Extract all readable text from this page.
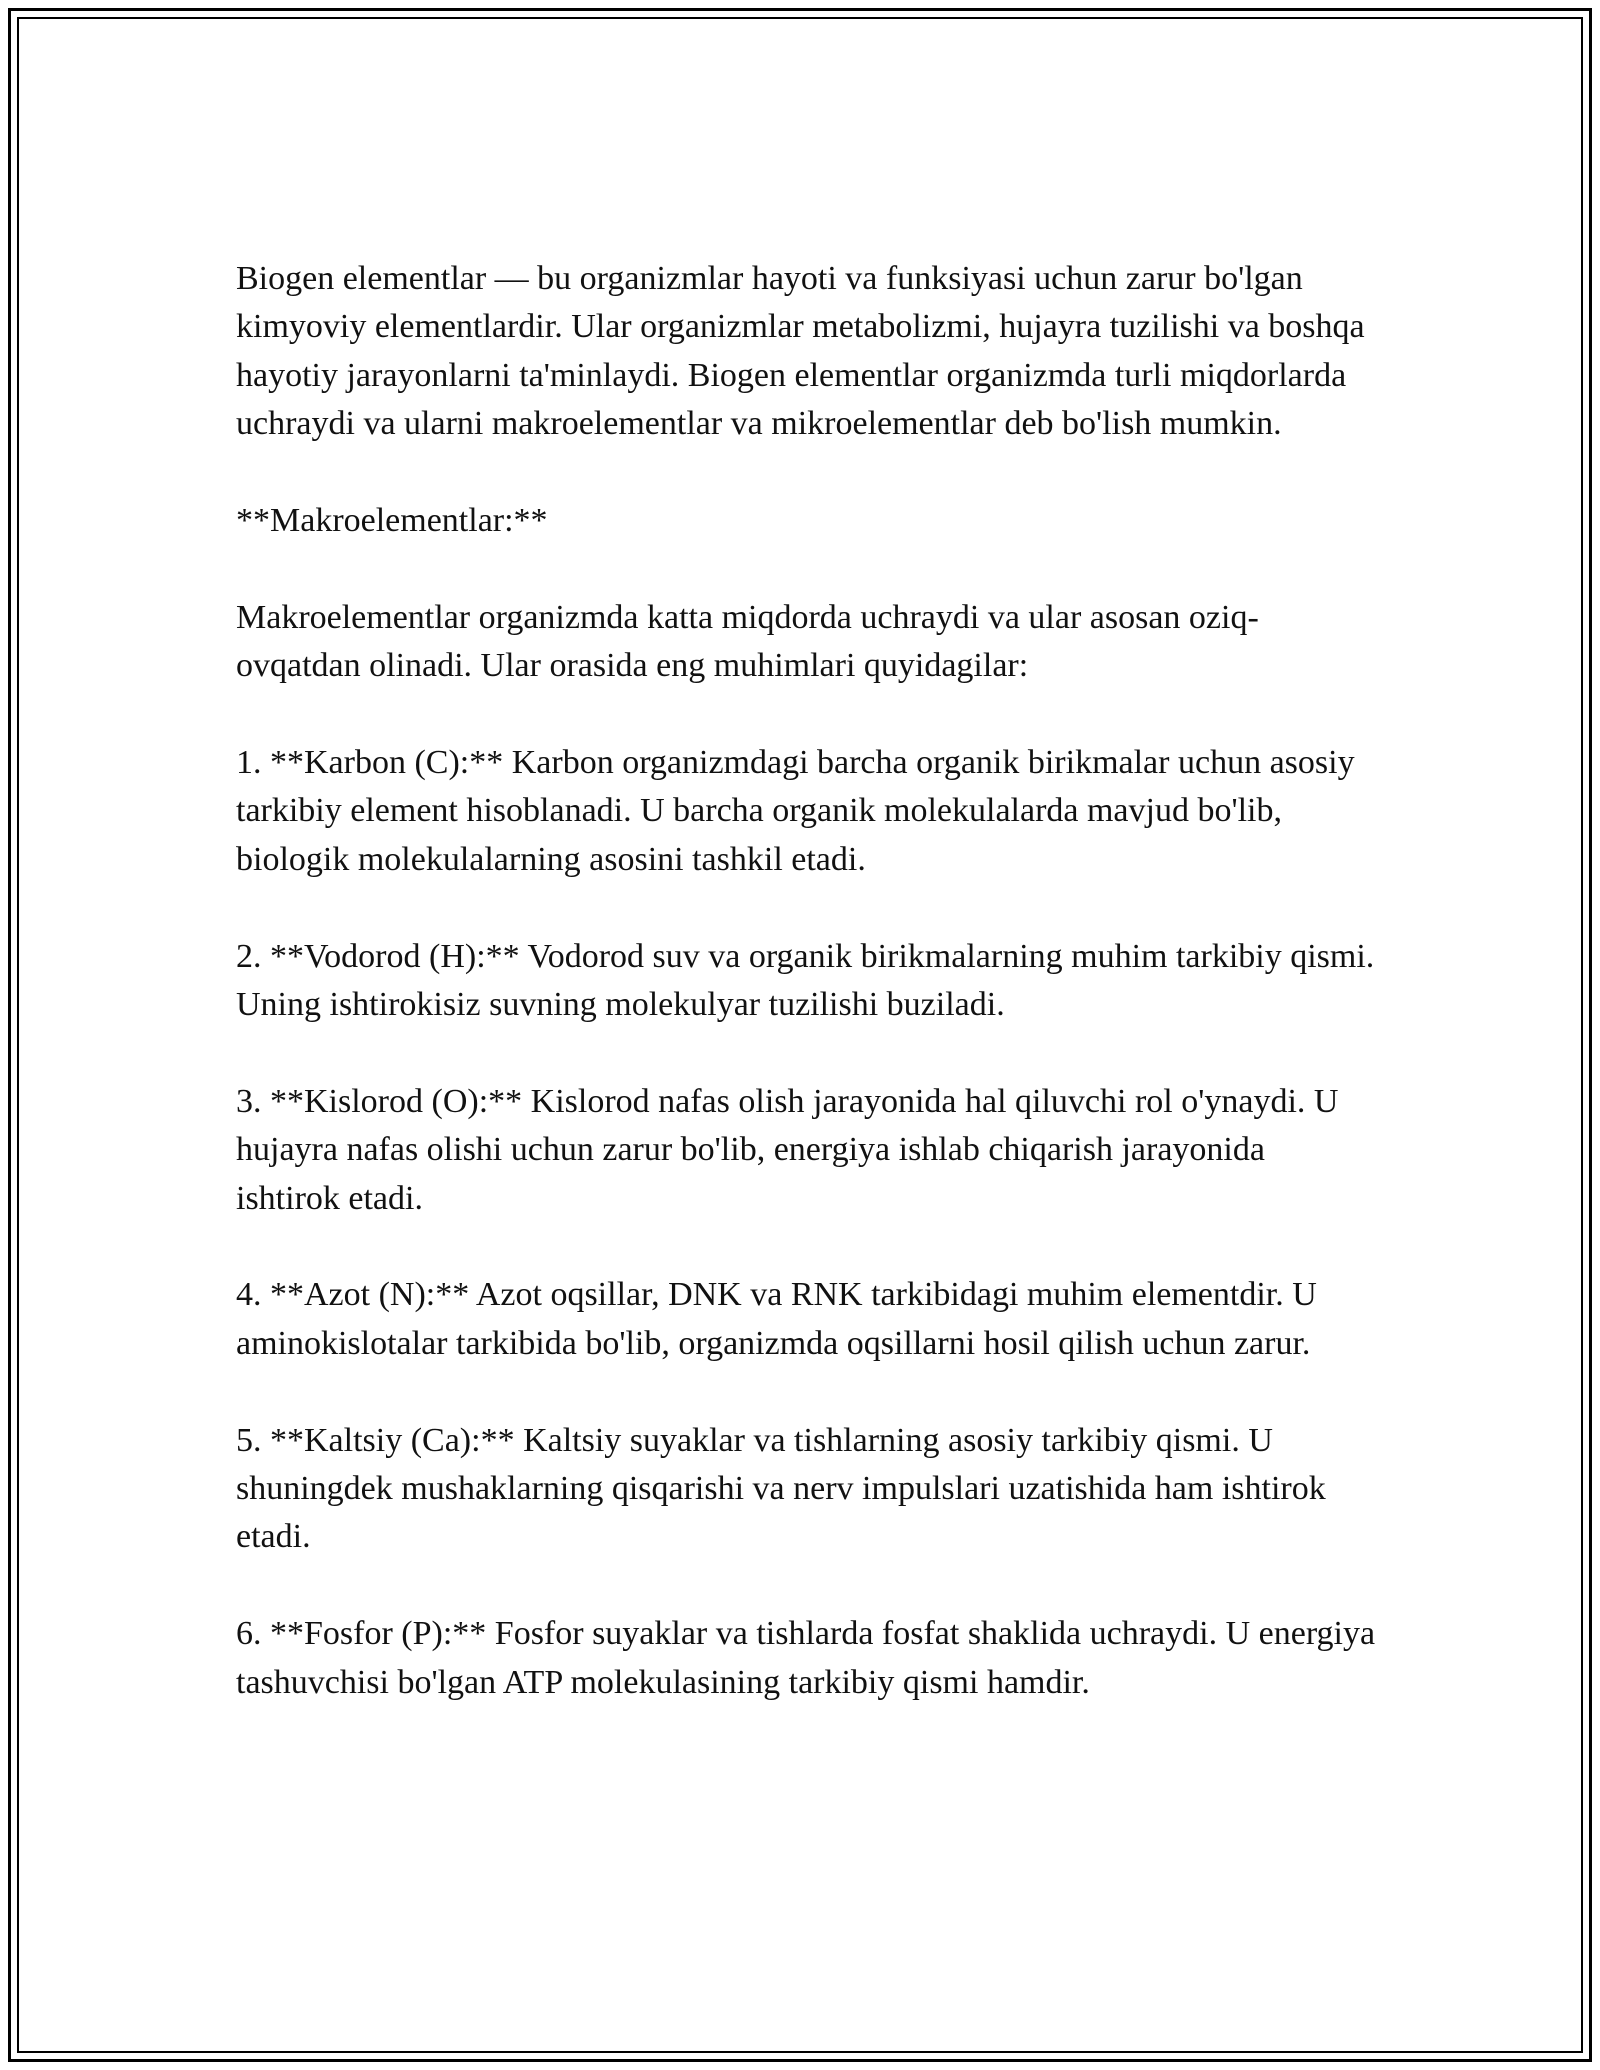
Biogen elementlar — bu organizmlar hayoti va funksiyasi uchun zarur bo'lgan kimyoviy elementlardir. Ular organizmlar metabolizmi, hujayra tuzilishi va boshqa hayotiy jarayonlarni ta'minlaydi. Biogen elementlar organizmda turli miqdorlarda uchraydi va ularni makroelementlar va mikroelementlar deb bo'lish mumkin.

**Makroelementlar:**

Makroelementlar organizmda katta miqdorda uchraydi va ular asosan oziq-ovqatdan olinadi. Ular orasida eng muhimlari quyidagilar:

1. **Karbon (C):** Karbon organizmdagi barcha organik birikmalar uchun asosiy tarkibiy element hisoblanadi. U barcha organik molekulalarda mavjud bo'lib, biologik molekulalarning asosini tashkil etadi.

2. **Vodorod (H):** Vodorod suv va organik birikmalarning muhim tarkibiy qismi. Uning ishtirokisiz suvning molekulyar tuzilishi buziladi.

3. **Kislorod (O):** Kislorod nafas olish jarayonida hal qiluvchi rol o'ynaydi. U hujayra nafas olishi uchun zarur bo'lib, energiya ishlab chiqarish jarayonida ishtirok etadi.

4. **Azot (N):** Azot oqsillar, DNK va RNK tarkibidagi muhim elementdir. U aminokislotalar tarkibida bo'lib, organizmda oqsillarni hosil qilish uchun zarur.

5. **Kaltsiy (Ca):** Kaltsiy suyaklar va tishlarning asosiy tarkibiy qismi. U shuningdek mushaklarning qisqarishi va nerv impulslari uzatishida ham ishtirok etadi.

6. **Fosfor (P):** Fosfor suyaklar va tishlarda fosfat shaklida uchraydi. U energiya tashuvchisi bo'lgan ATP molekulasining tarkibiy qismi hamdir.
